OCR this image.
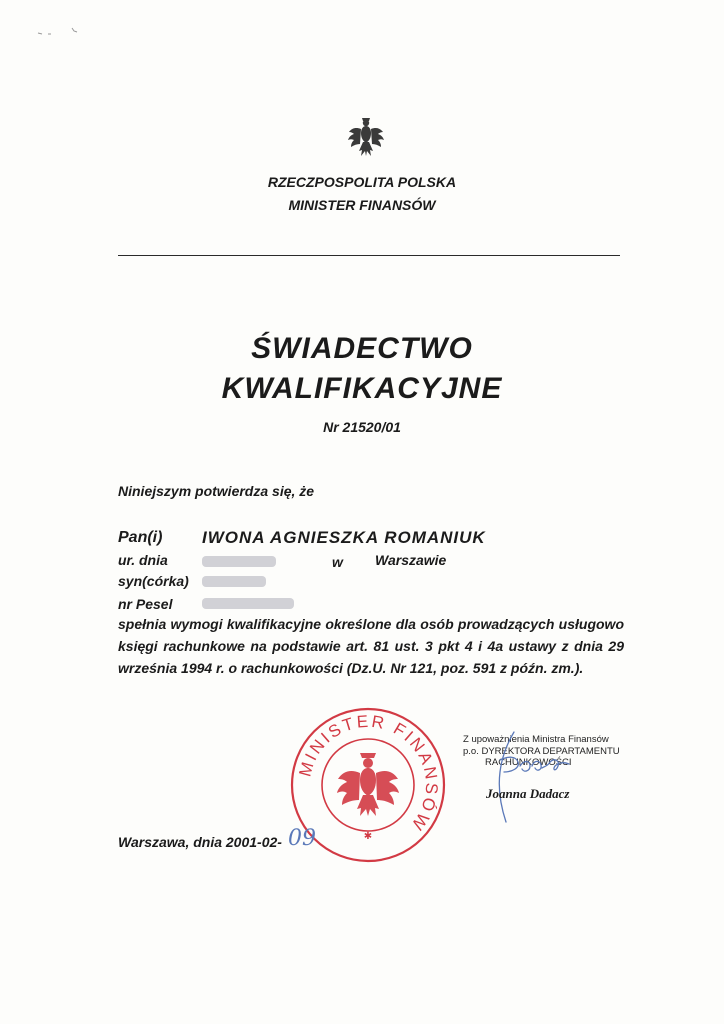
RZECZPOSPOLITA POLSKA
MINISTER FINANSÓW
ŚWIADECTWO
KWALIFIKACYJNE
Nr 21520/01
Niniejszym potwierdza się, że
Pan(i) IWONA AGNIESZKA ROMANIUK
ur. dnia	w Warszawie
syn(córka)
nr Pesel
spełnia wymogi kwalifikacyjne określone dla osób prowadzących usługowo księgi rachunkowe na podstawie art. 81 ust. 3 pkt 4 i 4a ustawy z dnia 29 września 1994 r. o rachunkowości (Dz.U. Nr 121, poz. 591 z późn. zm.).
MINISTER FINANSÓW
✱
Z upoważnienia Ministra Finansów
p.o. DYREKTORA DEPARTAMENTU
RACHUNKOWOŚCI
Joanna Dadacz
Warszawa, dnia 2001-02- 09
